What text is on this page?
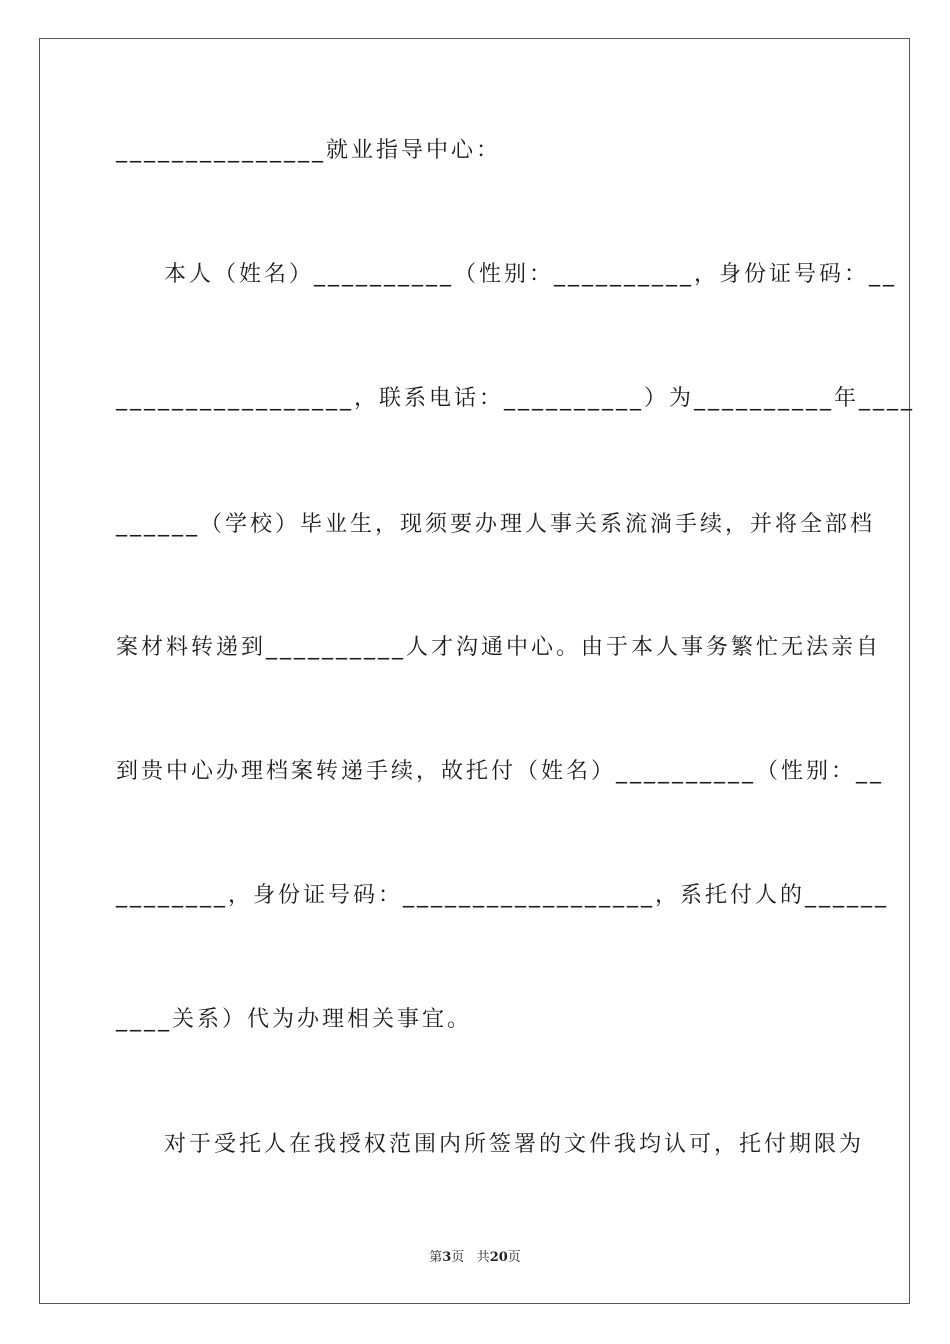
_______________就业指导中心：
本人（姓名）__________（性别：__________，身份证号码：__
_________________，联系电话：__________）为__________年____
______（学校）毕业生，现须要办理人事关系流淌手续，并将全部档
案材料转递到__________人才沟通中心。由于本人事务繁忙无法亲自
到贵中心办理档案转递手续，故托付（姓名）__________（性别：__
________，身份证号码：__________________，系托付人的______
____关系）代为办理相关事宜。
对于受托人在我授权范围内所签署的文件我均认可，托付期限为
第3页 共20页
